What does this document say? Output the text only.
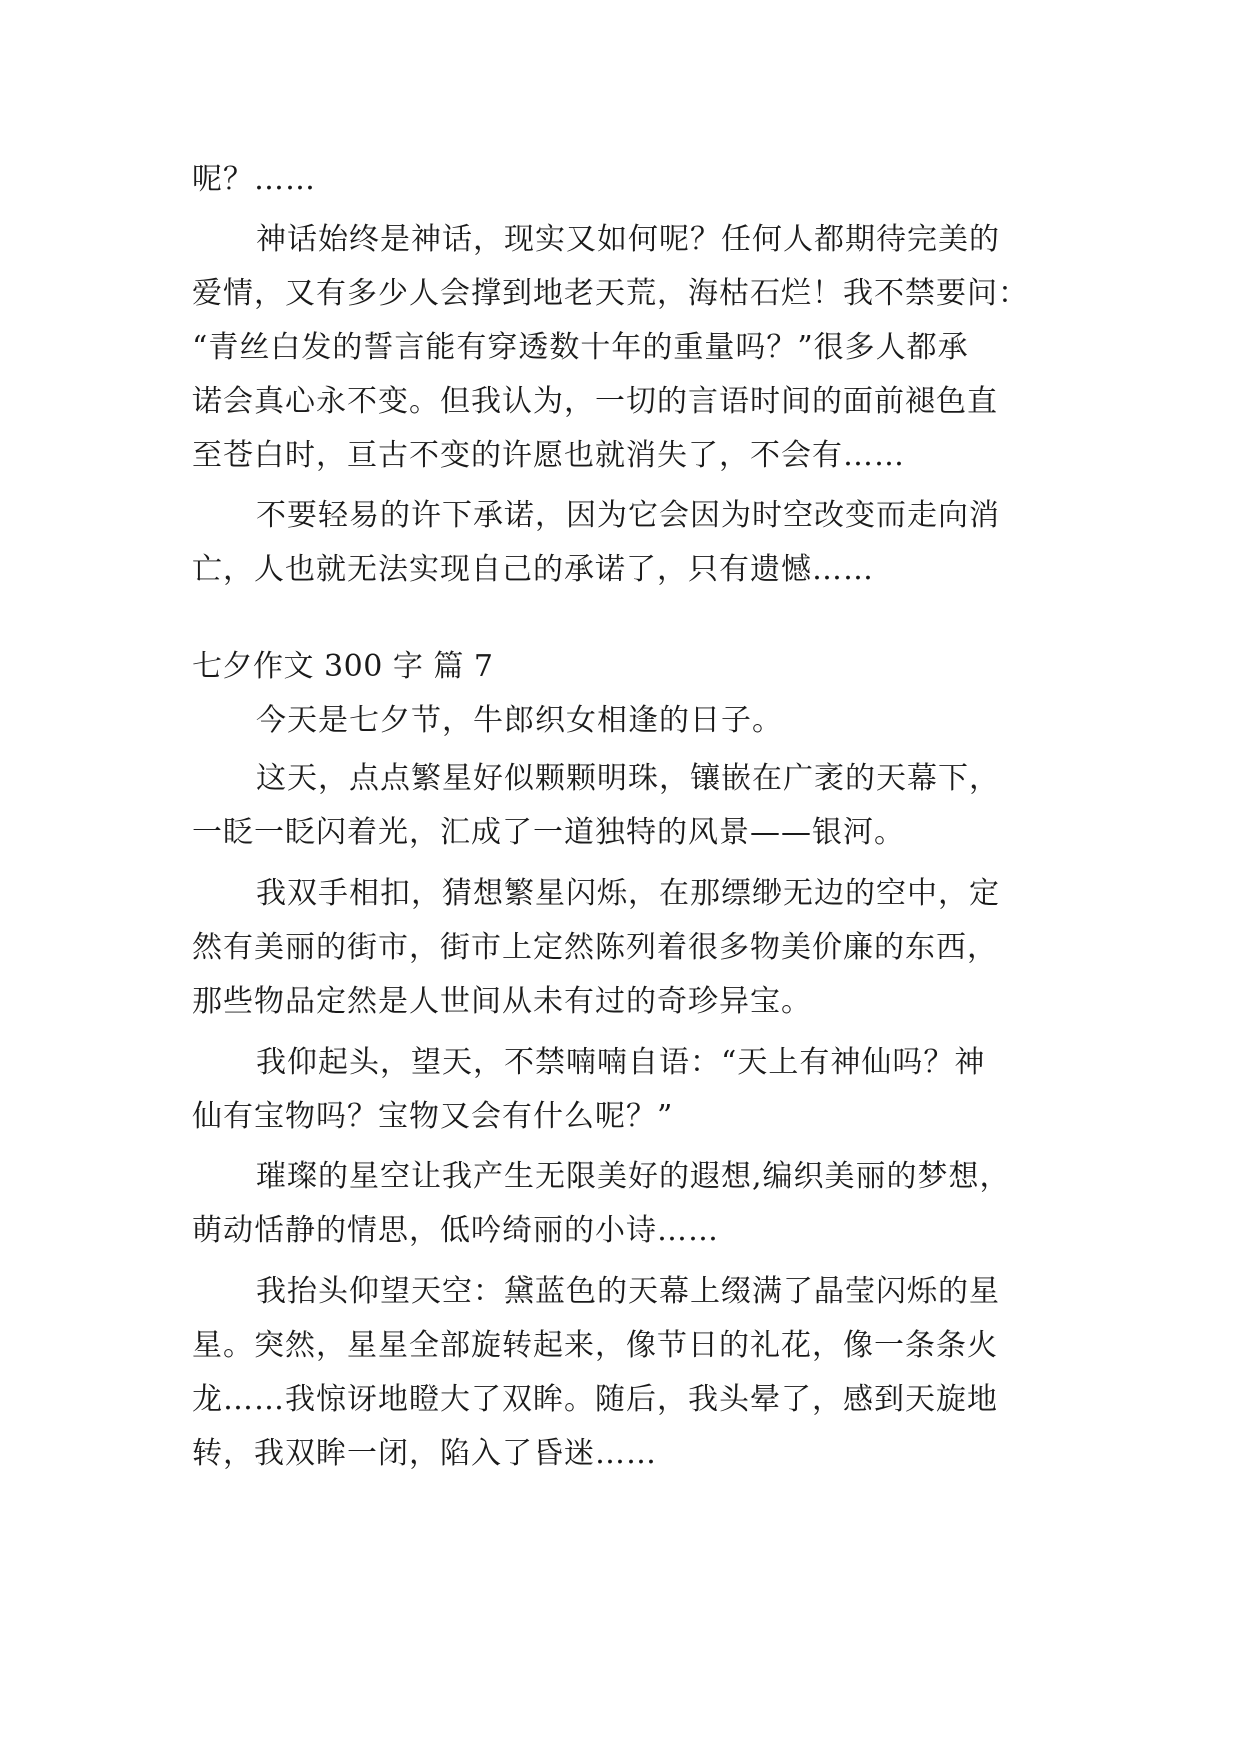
呢？……

神话始终是神话，现实又如何呢？任何人都期待完美的

爱情，又有多少人会撑到地老天荒，海枯石烂！我不禁要问：

“青丝白发的誓言能有穿透数十年的重量吗？”很多人都承

诺会真心永不变。但我认为，一切的言语时间的面前褪色直

至苍白时，亘古不变的许愿也就消失了，不会有……

不要轻易的许下承诺，因为它会因为时空改变而走向消

亡，人也就无法实现自己的承诺了，只有遗憾……

七夕作文 300 字 篇 7

今天是七夕节，牛郎织女相逢的日子。

这天，点点繁星好似颗颗明珠，镶嵌在广袤的天幕下，

一眨一眨闪着光，汇成了一道独特的风景——银河。

我双手相扣，猜想繁星闪烁，在那缥缈无边的空中，定

然有美丽的街市，街市上定然陈列着很多物美价廉的东西，

那些物品定然是人世间从未有过的奇珍异宝。

我仰起头，望天，不禁喃喃自语：“天上有神仙吗？神

仙有宝物吗？宝物又会有什么呢？”

璀璨的星空让我产生无限美好的遐想,编织美丽的梦想，

萌动恬静的情思，低吟绮丽的小诗……

我抬头仰望天空：黛蓝色的天幕上缀满了晶莹闪烁的星

星。突然，星星全部旋转起来，像节日的礼花，像一条条火

龙……我惊讶地瞪大了双眸。随后，我头晕了，感到天旋地

转，我双眸一闭，陷入了昏迷……
